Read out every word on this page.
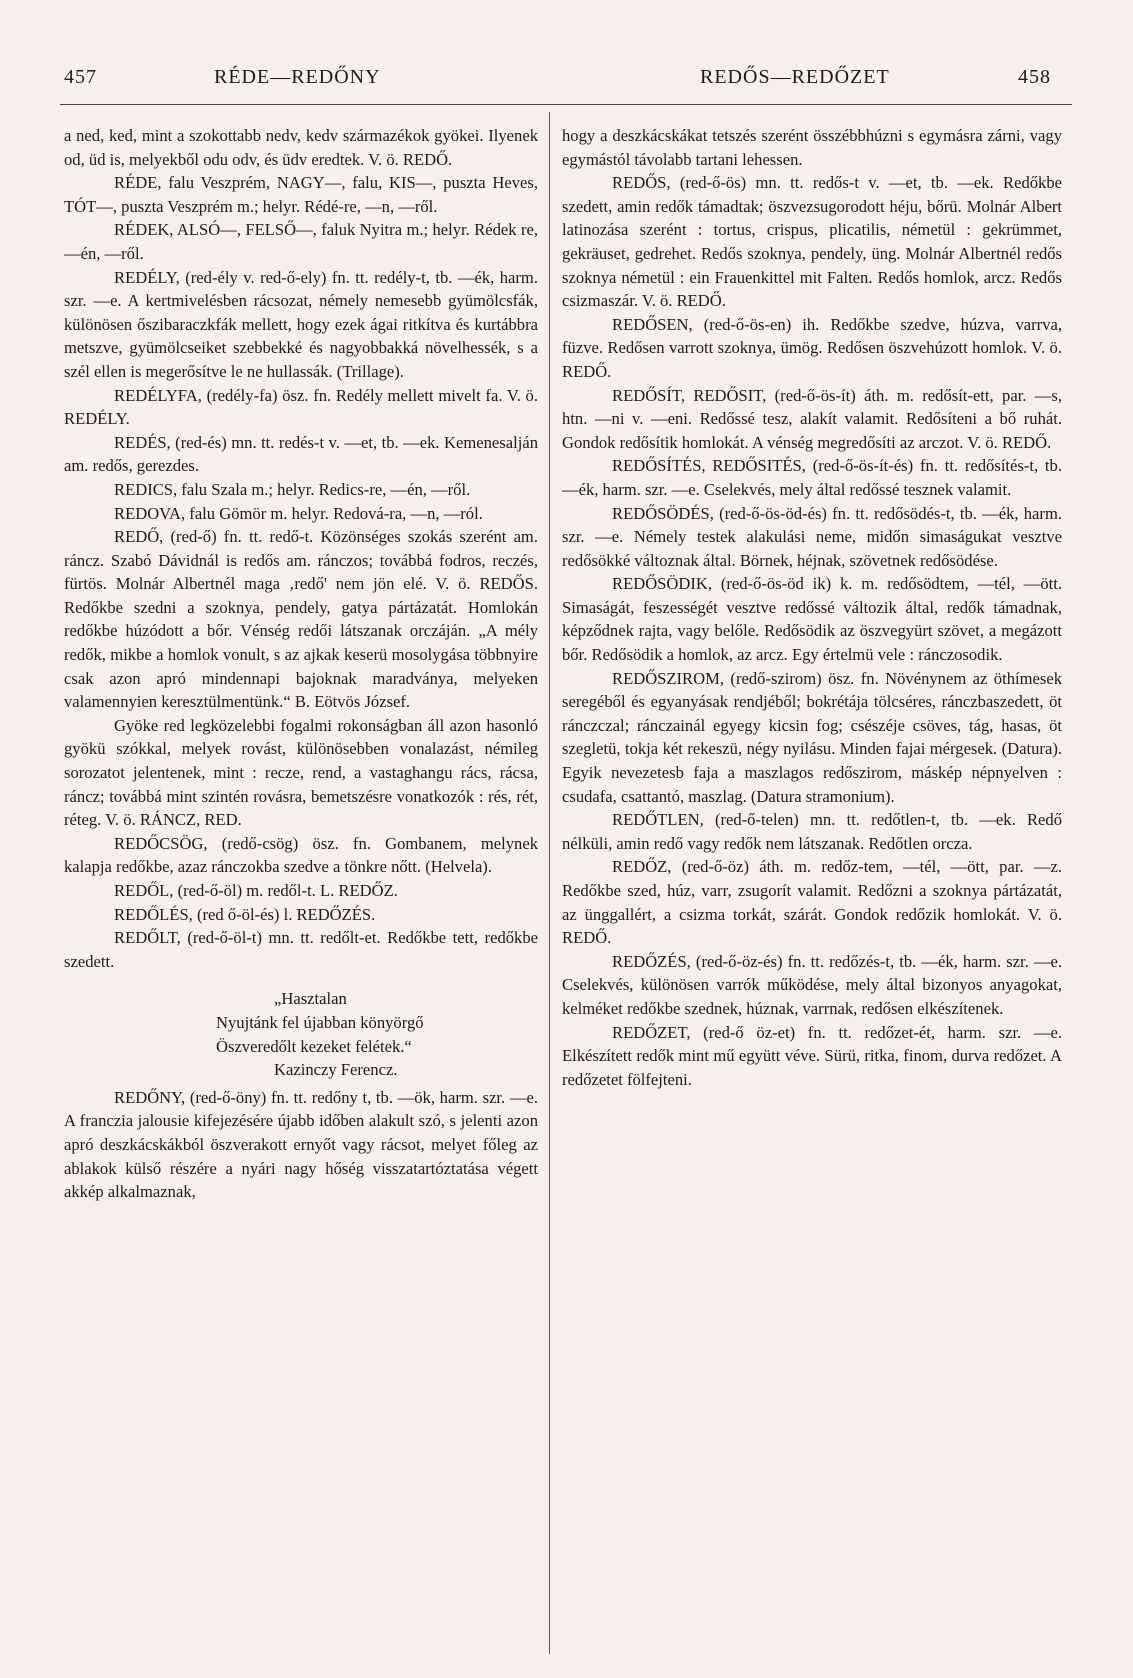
457	RÉDE—REDŐNY	REDŐS—REDŐZET	458

a ned, ked, mint a szokottabb nedv, kedv származékok gyökei. Ilyenek od, üd is, melyekből odu odv, és üdv eredtek. V. ö. REDŐ.

RÉDE, falu Veszprém, NAGY—, falu, KIS—, puszta Heves, TÓT—, puszta Veszprém m.; helyr. Rédé-re, —n, —ről.

RÉDEK, ALSÓ—, FELSŐ—, faluk Nyitra m.; helyr. Rédek re, —én, —ről.

REDÉLY, (red-ély v. red-ő-ely) fn. tt. redély-t, tb. —ék, harm. szr. —e. A kertmivelésben rácsozat, némely nemesebb gyümölcsfák, különösen őszibaraczkfák mellett, hogy ezek ágai ritkítva és kurtábbra metszve, gyümölcseiket szebbekké és nagyobbakká növelhessék, s a szél ellen is megerősítve le ne hullassák. (Trillage).

REDÉLYFA, (redély-fa) ösz. fn. Redély mellett mivelt fa. V. ö. REDÉLY.

REDÉS, (red-és) mn. tt. redés-t v. —et, tb. —ek. Kemenesalján am. redős, gerezdes.

REDICS, falu Szala m.; helyr. Redics-re, —én, —ről.

REDOVA, falu Gömör m. helyr. Redová-ra, —n, —ról.

REDŐ, (red-ő) fn. tt. redő-t. Közönséges szokás szerént am. ráncz. Szabó Dávidnál is redős am. ránczos; továbbá fodros, reczés, fürtös. Molnár Albertnél maga ‚redő' nem jön elé. V. ö. REDŐS. Redőkbe szedni a szoknya, pendely, gatya pártázatát. Homlokán redőkbe húzódott a bőr. Vénség redői látszanak orczáján. „A mély redők, mikbe a homlok vonult, s az ajkak keserü mosolygása többnyire csak azon apró mindennapi bajoknak maradványa, melyeken valamennyien keresztülmentünk.“ B. Eötvös József.

Gyöke red legközelebbi fogalmi rokonságban áll azon hasonló gyökü szókkal, melyek rovást, különösebben vonalazást, némileg sorozatot jelentenek, mint : recze, rend, a vastaghangu rács, rácsa, ráncz; továbbá mint szintén rovásra, bemetszésre vonatkozók : rés, rét, réteg. V. ö. RÁNCZ, RED.

REDŐCSÖG, (redő-csög) ösz. fn. Gombanem, melynek kalapja redőkbe, azaz ránczokba szedve a tönkre nőtt. (Helvela).

REDŐL, (red-ő-öl) m. redől-t. L. REDŐZ.

REDŐLÉS, (red ő-öl-és) l. REDŐZÉS.

REDŐLT, (red-ő-öl-t) mn. tt. redőlt-et. Redőkbe tett, redőkbe szedett.

„Hasztalan
Nyujtánk fel újabban könyörgő
Öszveredőlt kezeket felétek.“
Kazinczy Ferencz.

REDŐNY, (red-ő-öny) fn. tt. redőny t, tb. —ök, harm. szr. —e. A franczia jalousie kifejezésére újabb időben alakult szó, s jelenti azon apró deszkácskákból öszverakott ernyőt vagy rácsot, melyet főleg az ablakok külső részére a nyári nagy hőség visszatartóztatása végett akkép alkalmaznak,

hogy a deszkácskákat tetszés szerént összébbhúzni s egymásra zárni, vagy egymástól távolabb tartani lehessen.

REDŐS, (red-ő-ös) mn. tt. redős-t v. —et, tb. —ek. Redőkbe szedett, amin redők támadtak; öszvezsugorodott héju, bőrü. Molnár Albert latinozása szerént : tortus, crispus, plicatilis, németül : gekrümmet, gekräuset, gedrehet. Redős szoknya, pendely, üng. Molnár Albertnél redős szoknya németül : ein Frauenkittel mit Falten. Redős homlok, arcz. Redős csizmaszár. V. ö. REDŐ.

REDŐSEN, (red-ő-ös-en) ih. Redőkbe szedve, húzva, varrva, füzve. Redősen varrott szoknya, ümög. Redősen öszvehúzott homlok. V. ö. REDŐ.

REDŐSÍT, REDŐSIT, (red-ő-ös-ít) áth. m. redősít-ett, par. —s, htn. —ni v. —eni. Redőssé tesz, alakít valamit. Redősíteni a bő ruhát. Gondok redősítik homlokát. A vénség megredősíti az arczot. V. ö. REDŐ.

REDŐSÍTÉS, REDŐSITÉS, (red-ő-ös-ít-és) fn. tt. redősítés-t, tb. —ék, harm. szr. —e. Cselekvés, mely által redőssé tesznek valamit.

REDŐSÖDÉS, (red-ő-ös-öd-és) fn. tt. redősödés-t, tb. —ék, harm. szr. —e. Némely testek alakulási neme, midőn simaságukat vesztve redősökké változnak által. Börnek, héjnak, szövetnek redősödése.

REDŐSÖDIK, (red-ő-ös-öd ik) k. m. redősödtem, —tél, —ött. Simaságát, feszességét vesztve redőssé változik által, redők támadnak, képződnek rajta, vagy belőle. Redősödik az öszvegyürt szövet, a megázott bőr. Redősödik a homlok, az arcz. Egy értelmü vele : ránczosodik.

REDŐSZIROM, (redő-szirom) ösz. fn. Növénynem az öthímesek seregéből és egyanyásak rendjéből; bokrétája tölcséres, ránczbaszedett, öt ránczczal; ránczainál egyegy kicsin fog; csészéje csöves, tág, hasas, öt szegletü, tokja két rekeszü, négy nyilásu. Minden fajai mérgesek. (Datura). Egyik nevezetesb faja a maszlagos redőszirom, máskép népnyelven : csudafa, csattantó, maszlag. (Datura stramonium).

REDŐTLEN, (red-ő-telen) mn. tt. redőtlen-t, tb. —ek. Redő nélküli, amin redő vagy redők nem látszanak. Redőtlen orcza.

REDŐZ, (red-ő-öz) áth. m. redőz-tem, —tél, —ött, par. —z. Redőkbe szed, húz, varr, zsugorít valamit. Redőzni a szoknya pártázatát, az ünggallért, a csizma torkát, szárát. Gondok redőzik homlokát. V. ö. REDŐ.

REDŐZÉS, (red-ő-öz-és) fn. tt. redőzés-t, tb. —ék, harm. szr. —e. Cselekvés, különösen varrók működése, mely által bizonyos anyagokat, kelméket redőkbe szednek, húznak, varrnak, redősen elkészítenek.

REDŐZET, (red-ő öz-et) fn. tt. redőzet-ét, harm. szr. —e. Elkészített redők mint mű együtt véve. Sürü, ritka, finom, durva redőzet. A redőzetet fölfejteni.
